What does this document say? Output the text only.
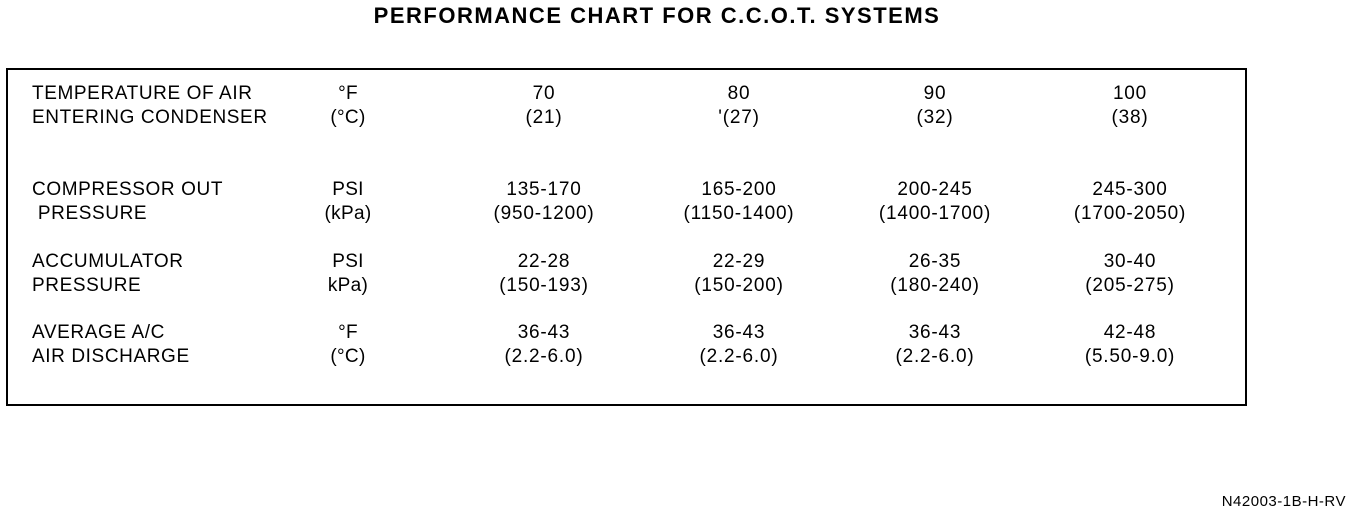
PERFORMANCE CHART FOR C.C.O.T. SYSTEMS
TEMPERATURE OF AIR
ENTERING CONDENSER
°F
(°C)
70
(21)
80
'(27)
90
(32)
100
(38)
COMPRESSOR OUT
PRESSURE
PSI
(kPa)
135-170
(950-1200)
165-200
(1150-1400)
200-245
(1400-1700)
245-300
(1700-2050)
ACCUMULATOR
PRESSURE
PSI
kPa)
22-28
(150-193)
22-29
(150-200)
26-35
(180-240)
30-40
(205-275)
AVERAGE A/C
AIR DISCHARGE
°F
(°C)
36-43
(2.2-6.0)
36-43
(2.2-6.0)
36-43
(2.2-6.0)
42-48
(5.50-9.0)
N42003-1B-H-RV
